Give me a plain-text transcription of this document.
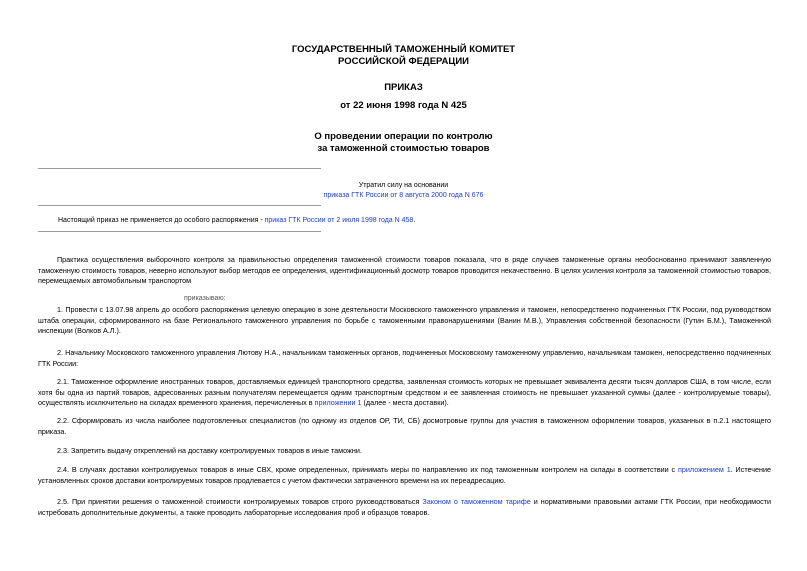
ГОСУДАРСТВЕННЫЙ ТАМОЖЕННЫЙ КОМИТЕТ
РОССИЙСКОЙ ФЕДЕРАЦИИ
ПРИКАЗ
от 22 июня 1998 года N 425
О проведении операции по контролю
за таможенной стоимостью товаров
Утратил силу на основании
приказа ГТК России от 8 августа 2000 года N 676
Настоящий приказ не применяется до особого распоряжения - приказ ГТК России от 2 июля 1998 года N 458.
Практика осуществления выборочного контроля за правильностью определения таможенной стоимости товаров показала, что в ряде случаев таможенные органы необоснованно принимают заявленную таможенную стоимость товаров, неверно используют выбор методов ее определения, идентификационный досмотр товаров проводится некачественно. В целях усиления контроля за таможенной стоимостью товаров, перемещаемых автомобильным транспортом
приказываю:
1. Провести с 13.07.98 апрель до особого распоряжения целевую операцию в зоне деятельности Московского таможенного управления и таможен, непосредственно подчиненных ГТК России, под руководством штаба операции, сформированного на базе Регионального таможенного управления по борьбе с таможенными правонарушениями (Ванин М.В.), Управления собственной безопасности (Гутин Б.М.), Таможенной инспекции (Волков А.Л.).
2. Начальнику Московского таможенного управления Лютову Н.А., начальникам таможенных органов, подчиненных Московскому таможенному управлению, начальникам таможен, непосредственно подчиненных ГТК России:
2.1. Таможенное оформление иностранных товаров, доставляемых единицей транспортного средства, заявленная стоимость которых не превышает эквивалента десяти тысяч долларов США, в том числе, если хотя бы одна из партий товаров, адресованных разным получателям перемещается одним транспортным средством и ее заявленная стоимость не превышает указанной суммы (далее - контролируемые товары), осуществлять исключительно на складах временного хранения, перечисленных в приложении 1 (далее - места доставки).
2.2. Сформировать из числа наиболее подготовленных специалистов (по одному из отделов ОР, ТИ, СБ) досмотровые группы для участия в таможенном оформлении товаров, указанных в п.2.1 настоящего приказа.
2.3. Запретить выдачу откреплений на доставку контролируемых товаров в иные таможни.
2.4. В случаях доставки контролируемых товаров в иные СВХ, кроме определенных, принимать меры по направлению их под таможенным контролем на склады в соответствии с приложением 1. Истечение установленных сроков доставки контролируемых товаров продлевается с учетом фактически затраченного времени на их переадресацию.
2.5. При принятии решения о таможенной стоимости контролируемых товаров строго руководствоваться Законом о таможенном тарифе и нормативными правовыми актами ГТК России, при необходимости истребовать дополнительные документы, а также проводить лабораторные исследования проб и образцов товаров.
